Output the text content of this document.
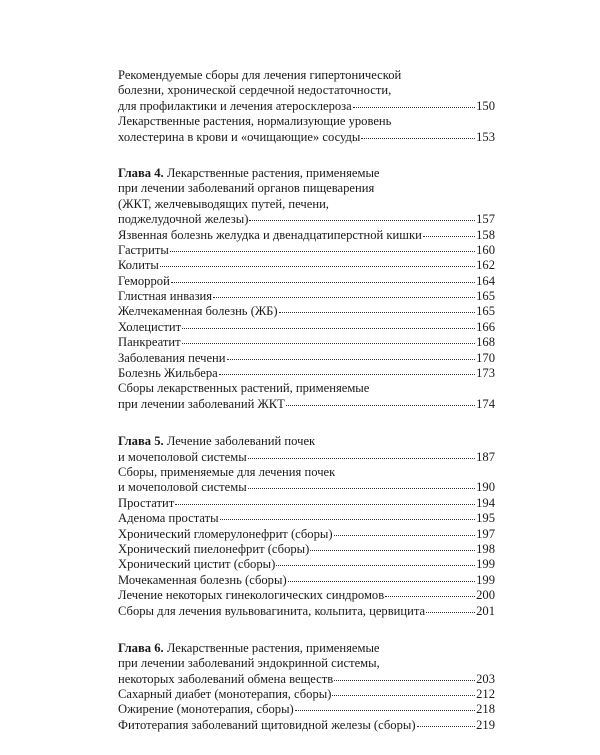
Рекомендуемые сборы для лечения гипертонической
болезни, хронической сердечной недостаточности,
для профилактики и лечения атеросклероза	150
Лекарственные растения, нормализующие уровень
холестерина в крови и «очищающие» сосуды	153
Глава 4.
Лекарственные растения, применяемые
при лечении заболеваний органов пищеварения
(ЖКТ, желчевыводящих путей, печени,
поджелудочной железы)	157
Язвенная болезнь желудка и двенадцатиперстной кишки	158
Гастриты	160
Колиты	162
Геморрой	164
Глистная инвазия	165
Желчекаменная болезнь (ЖБ)	165
Холецистит	166
Панкреатит	168
Заболевания печени	170
Болезнь Жильбера	173
Сборы лекарственных растений, применяемые
при лечении заболеваний ЖКТ	174
Глава 5.
Лечение заболеваний почек
и мочеполовой системы	187
Сборы, применяемые для лечения почек
и мочеполовой системы	190
Простатит	194
Аденома простаты	195
Хронический гломерулонефрит (сборы)	197
Хронический пиелонефрит (сборы)	198
Хронический цистит (сборы)	199
Мочекаменная болезнь (сборы)	199
Лечение некоторых гинекологических синдромов	200
Сборы для лечения вульвовагинита, кольпита, цервицита	201
Глава 6.
Лекарственные растения, применяемые
при лечении заболеваний эндокринной системы,
некоторых заболеваний обмена веществ	203
Сахарный диабет (монотерапия, сборы)	212
Ожирение (монотерапия, сборы)	218
Фитотерапия заболеваний щитовидной железы (сборы)	219
